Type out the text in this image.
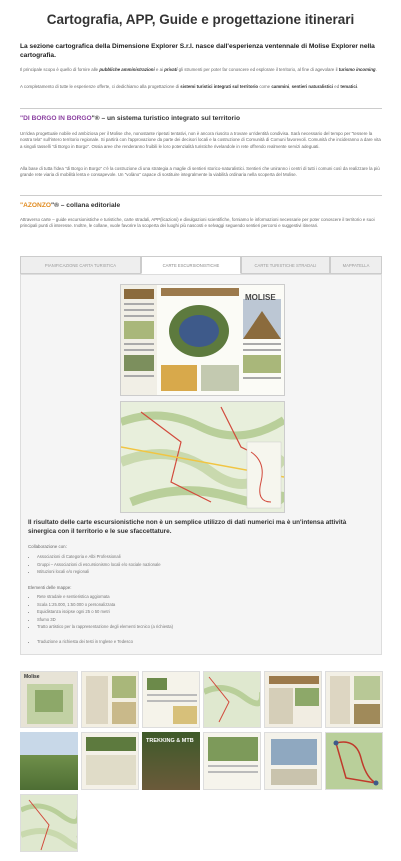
Cartografia, APP, Guide e progettazione itinerari
La sezione cartografica della Dimensione Explorer S.r.l. nasce dall'esperienza ventennale di Molise Explorer nella cartografia.

Il principale scopo è quello di fornire alle pubbliche amministrazioni e ai privati gli strumenti per poter far conoscere ed esplorare il territorio, al fine di agevolare il turismo incoming.

A completamento di tutte le esperienze offerte, ci dedichiamo alla progettazione di sistemi turistici integrati sul territorio come cammini, sentieri naturalistici ed tematici.

"DI BORGO IN BORGO"® – un sistema turistico integrato sul territorio

Un'idea progettuale nobile ed ambiziosa per il Molise che, nonostante ripetuti tentativi, non è ancora riuscito a trovare un'identità condivisa. Sarà necessario del tempo per "tessere la nostra tela" sull'intero territorio regionale. Si partirà con l'approvazione da parte dei decisori locali e la costruzione di Comunità di Comuni favorevoli. Comunità che incideranno a dare vita a singoli tasselli "di Borgo in Borgo". Ossia aree che renderanno fruibili le loro potenzialità turistiche rivelandole in rete offrendo realmente servizi adeguati.

Alla base di tutta l'idea "di Borgo in Borgo" c'è la costruzione di una strategia a maglie di sentieri storico-naturalistici. Sentieri che uniranno i centri di tutti i comuni così da realizzare la più grande rete viaria di mobilità lenta e consapevole. Un "volàno" capace di sostituire integralmente la viabilità ordinaria nella scoperta del Molise.

"AZONZO"® – collana editoriale

Attraverso carte – guide escursionistiche e turistiche, carte stradali, APP(licazioni) e divulgazioni scientifiche, forniamo le informazioni necessarie per poter conoscere il territorio e suoi principali punti di interesse. Inoltre, le collane, vuole favorire la scoperta dei luoghi più nascosti e selvaggi seguendo sentieri percorsi e suggestivi itinerari.

PIANIFICAZIONE CARTA TURISTICA	CARTE ESCURSIONISTICHE	CARTE TURISTICHE STRADALI	MAPPATELLA
MOLISE
Il risultato delle carte escursionistiche non è un semplice utilizzo di dati numerici ma è un'intensa attività sinergica con il territorio e le sue sfaccettature.
Collaborazione con:
• Associazioni di Categoria e Albi Professionali
• Gruppi – Associazioni di escursionismo locali e/o sociale nazionale
• Istituzioni locali e/o regionali
Elementi delle mappe:
• Rete stradale e sentieristica aggiornata
• Scala 1:25.000, 1:50.000 o personalizzata
• Equidistanza isoipse ogni 25 o 50 metri
• Sfumo 3D
• Tratto artistico per la rappresentazione degli elementi tecnico (a richiesta)
• Traduzione a richiesta dei testi in Inglese e Tedesco
Molise
TREKKING & MTB
